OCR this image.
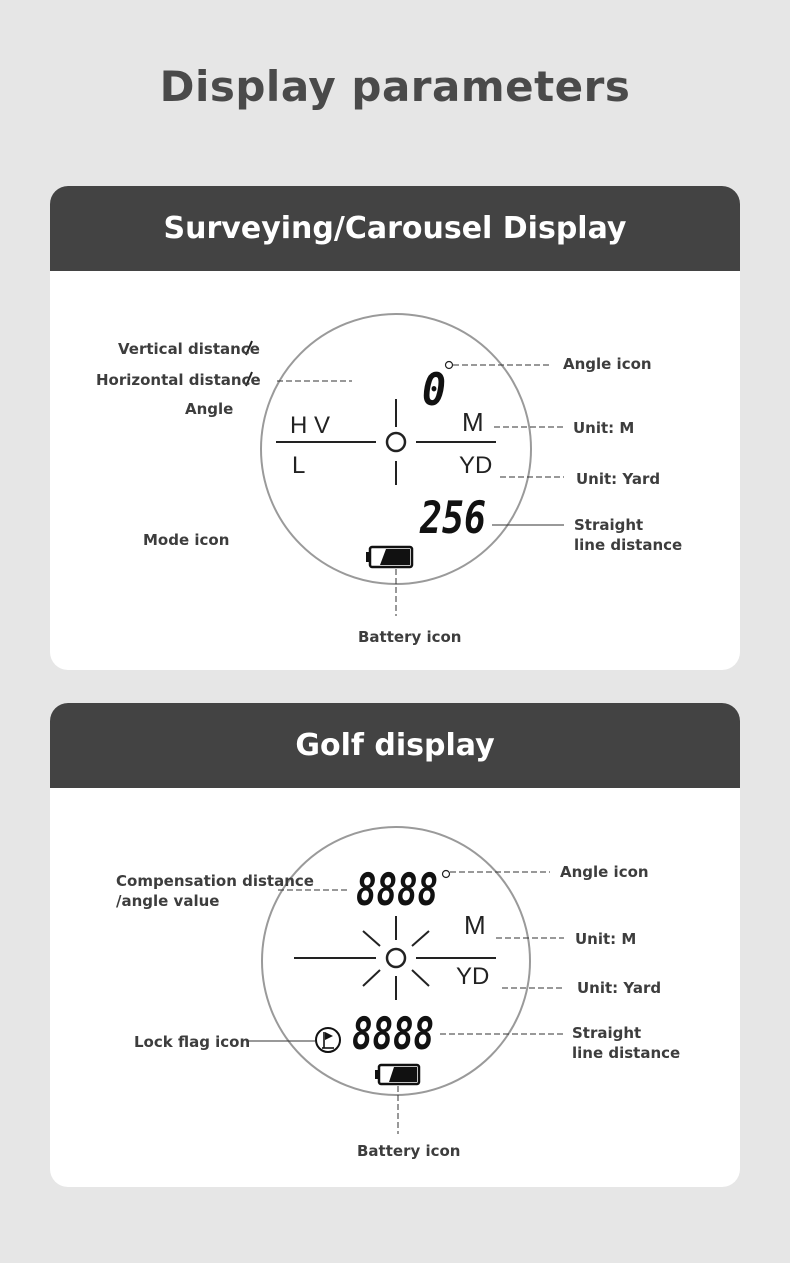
Display parameters
Surveying/Carousel Display
0
H V
L
M
YD
256
Vertical distance
Horizontal distance
Angle
Mode icon
Angle icon
Unit: M
Unit: Yard
Straight
line distance
Battery icon
Golf display
8888
M
YD
8888
Compensation distance
/angle value
Angle icon
Unit: M
Unit: Yard
Lock flag icon	Straight
line distance
Battery icon
